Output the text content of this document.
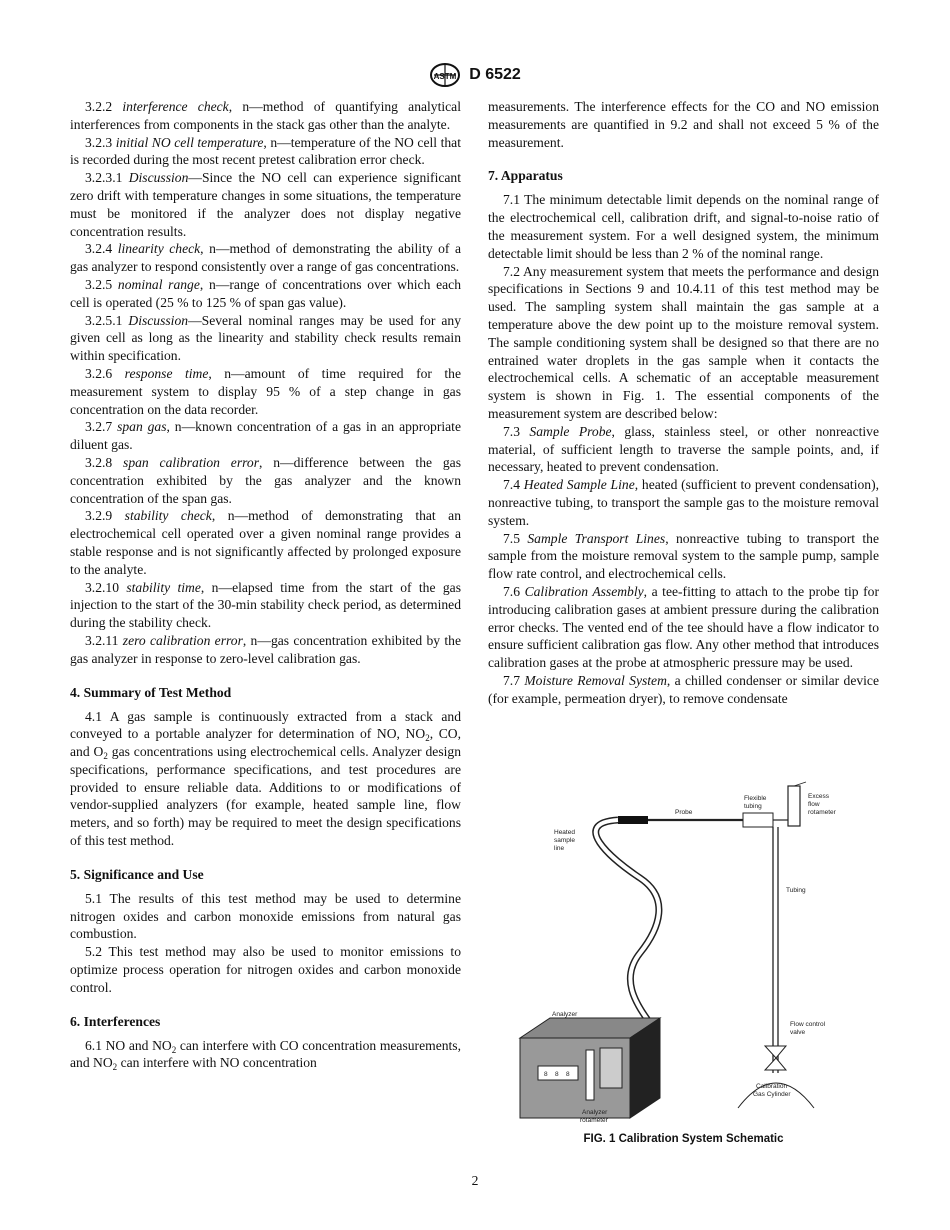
ASTM D 6522

3.2.2 interference check, n—method of quantifying analytical interferences from components in the stack gas other than the analyte.

3.2.3 initial NO cell temperature, n—temperature of the NO cell that is recorded during the most recent pretest calibration error check.

3.2.3.1 Discussion—Since the NO cell can experience significant zero drift with temperature changes in some situations, the temperature must be monitored if the analyzer does not display negative concentration results.

3.2.4 linearity check, n—method of demonstrating the ability of a gas analyzer to respond consistently over a range of gas concentrations.

3.2.5 nominal range, n—range of concentrations over which each cell is operated (25 % to 125 % of span gas value).

3.2.5.1 Discussion—Several nominal ranges may be used for any given cell as long as the linearity and stability check results remain within specification.

3.2.6 response time, n—amount of time required for the measurement system to display 95 % of a step change in gas concentration on the data recorder.

3.2.7 span gas, n—known concentration of a gas in an appropriate diluent gas.

3.2.8 span calibration error, n—difference between the gas concentration exhibited by the gas analyzer and the known concentration of the span gas.

3.2.9 stability check, n—method of demonstrating that an electrochemical cell operated over a given nominal range provides a stable response and is not significantly affected by prolonged exposure to the analyte.

3.2.10 stability time, n—elapsed time from the start of the gas injection to the start of the 30-min stability check period, as determined during the stability check.

3.2.11 zero calibration error, n—gas concentration exhibited by the gas analyzer in response to zero-level calibration gas.

4. Summary of Test Method

4.1 A gas sample is continuously extracted from a stack and conveyed to a portable analyzer for determination of NO, $NO_2$, CO, and $O_2$ gas concentrations using electrochemical cells. Analyzer design specifications, performance specifications, and test procedures are provided to ensure reliable data. Additions to or modifications of vendor-supplied analyzers (for example, heated sample line, flow meters, and so forth) may be required to meet the design specifications of this test method.

5. Significance and Use

5.1 The results of this test method may be used to determine nitrogen oxides and carbon monoxide emissions from natural gas combustion.

5.2 This test method may also be used to monitor emissions to optimize process operation for nitrogen oxides and carbon monoxide control.

6. Interferences

6.1 NO and $NO_2$ can interfere with CO concentration measurements, and $NO_2$ can interfere with NO concentration

measurements. The interference effects for the CO and NO emission measurements are quantified in 9.2 and shall not exceed 5 % of the measurement.

7. Apparatus

7.1 The minimum detectable limit depends on the nominal range of the electrochemical cell, calibration drift, and signal-to-noise ratio of the measurement system. For a well designed system, the minimum detectable limit should be less than 2 % of the nominal range.

7.2 Any measurement system that meets the performance and design specifications in Sections 9 and 10.4.11 of this test method may be used. The sampling system shall maintain the gas sample at a temperature above the dew point up to the moisture removal system. The sample conditioning system shall be designed so that there are no entrained water droplets in the gas sample when it contacts the electrochemical cells. A schematic of an acceptable measurement system is shown in Fig. 1. The essential components of the measurement system are described below:

7.3 Sample Probe, glass, stainless steel, or other nonreactive material, of sufficient length to traverse the sample points, and, if necessary, heated to prevent condensation.

7.4 Heated Sample Line, heated (sufficient to prevent condensation), nonreactive tubing, to transport the sample gas to the moisture removal system.

7.5 Sample Transport Lines, nonreactive tubing to transport the sample from the moisture removal system to the sample pump, sample flow rate control, and electrochemical cells.

7.6 Calibration Assembly, a tee-fitting to attach to the probe tip for introducing calibration gases at ambient pressure during the calibration error checks. The vented end of the tee should have a flow indicator to ensure sufficient calibration gas flow. Any other method that introduces calibration gases at the probe at atmospheric pressure may be used.

7.7 Moisture Removal System, a chilled condenser or similar device (for example, permeation dryer), to remove condensate

8 8 8
Probe
Flexible
tubing
Excess
flow
rotameter
Heated
sample
line
Tubing
Analyzer
Flow control
valve
Calibration
Gas Cylinder
Analyzer
rotameter
FIG. 1 Calibration System Schematic
2
